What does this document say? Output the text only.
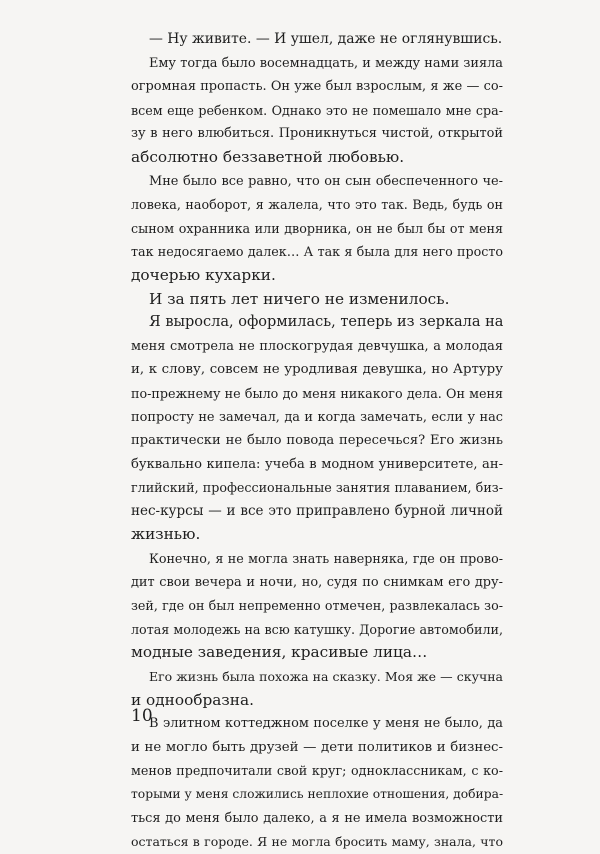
— Ну живите. — И ушел, даже не оглянувшись.
Ему тогда было восемнадцать, и между нами зияла
огромная пропасть. Он уже был взрослым, я же — со-
всем еще ребенком. Однако это не помешало мне сра-
зу в него влюбиться. Проникнуться чистой, открытой
абсолютно беззаветной любовью.
Мне было все равно, что он сын обеспеченного че-
ловека, наоборот, я жалела, что это так. Ведь, будь он
сыном охранника или дворника, он не был бы от меня
так недосягаемо далек… А так я была для него просто
дочерью кухарки.
И за пять лет ничего не изменилось.
Я выросла, оформилась, теперь из зеркала на
меня смотрела не плоскогрудая девчушка, а молодая
и, к слову, совсем не уродливая девушка, но Артуру
по-прежнему не было до меня никакого дела. Он меня
попросту не замечал, да и когда замечать, если у нас
практически не было повода пересечься? Его жизнь
буквально кипела: учеба в модном университете, ан-
глийский, профессиональные занятия плаванием, биз-
нес-курсы — и все это приправлено бурной личной
жизнью.
Конечно, я не могла знать наверняка, где он прово-
дит свои вечера и ночи, но, судя по снимкам его дру-
зей, где он был непременно отмечен, развлекалась зо-
лотая молодежь на всю катушку. Дорогие автомобили,
модные заведения, красивые лица…
Его жизнь была похожа на сказку. Моя же — скучна
и однообразна.
В элитном коттеджном поселке у меня не было, да
и не могло быть друзей — дети политиков и бизнес-
менов предпочитали свой круг; одноклассникам, с ко-
торыми у меня сложились неплохие отношения, добира-
ться до меня было далеко, а я не имела возможности
остаться в городе. Я не могла бросить маму, знала, что
10
